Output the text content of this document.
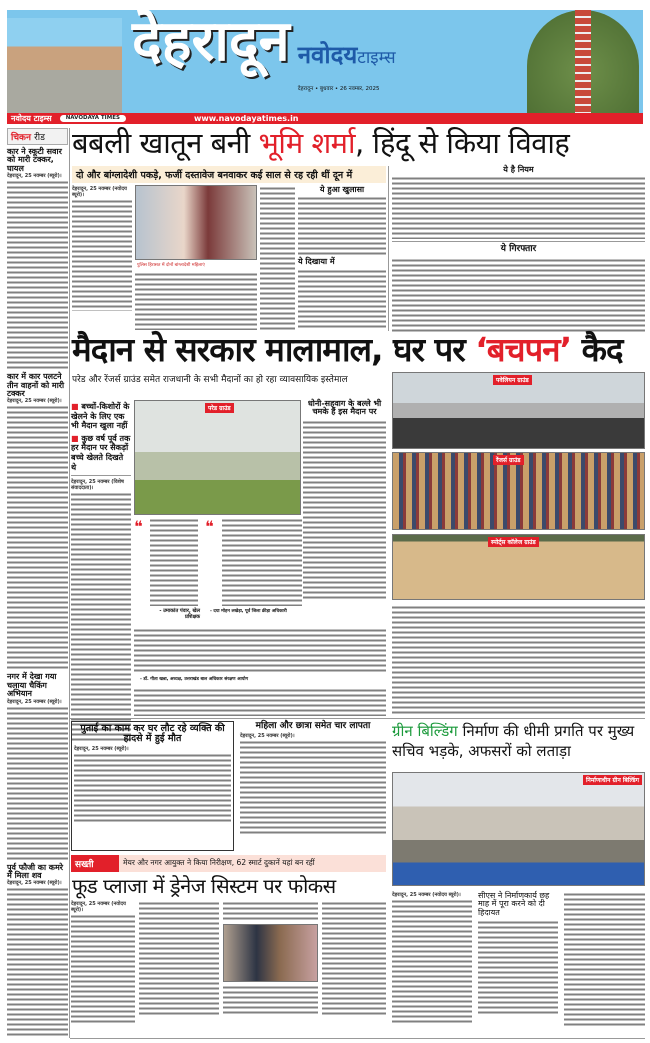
देहरादून नवोदयटाइम्स
देहरादून • बुधवार • 26 नवम्बर, 2025
नवोदय टाइम्स	NAVODAYA TIMES	www.navodayatimes.in
चिकन रीड
कार ने स्कूटी सवार को मारी टक्कर, घायल
देहरादून, 25 नवम्बर (ब्यूरो)।
कार में कार पलटने तीन वाहनों को मारी टक्कर
देहरादून, 25 नवम्बर (ब्यूरो)।
नगर में देखा गया चलाया चैकिंग अभियान
देहरादून, 25 नवम्बर (ब्यूरो)।
पूर्व फौजी का कमरे में मिला शव
देहरादून, 25 नवम्बर (ब्यूरो)।
बबली खातून बनी भूमि शर्मा, हिंदू से किया विवाह
दो और बांग्लादेशी पकड़े, फर्जी दस्तावेज बनवाकर कई साल से रह रही थीं दून में
देहरादून, 25 नवम्बर (नवोदय ब्यूरो)।
पुलिस हिरासत में दोनों बांग्लादेशी महिलाएं
ये हुआ खुलासा
ये दिखाया में
ये है नियम
ये गिरफ्तार
मैदान से सरकार मालामाल, घर पर ‘बचपन’ कैद
परेड और रेंजर्स ग्राउंड समेत राजधानी के सभी मैदानों का हो रहा व्यावसायिक इस्तेमाल
■ बच्चों-किशोरों के खेलने के लिए एक भी मैदान खुला नहीं
■ कुछ वर्ष पूर्व तक हर मैदान पर सैकड़ों बच्चे खेलते दिखते थे
देहरादून, 25 नवम्बर (विशेष संवाददाता)।
परेड ग्राउंड
❝
- उमाकांत पंवार, खेल प्रशिक्षक
❝
- दया मोहन लखेड़ा, पूर्व जिला क्रीड़ा अधिकारी
धोनी-सहवाग के बल्ले भी चमके हैं इस मैदान पर
- डॉ. गीता खन्ना, अध्यक्ष, उत्तराखंड बाल अधिकार संरक्षण आयोग
पवेलियन ग्राउंड
रेंजर्स ग्राउंड
स्पोर्ट्स कॉलेज ग्राउंड
पुताई का काम कर घर लौट रहे व्यक्ति की हादसे में हुई मौत
देहरादून, 25 नवम्बर (ब्यूरो)।
महिला और छात्रा समेत चार लापता
देहरादून, 25 नवम्बर (ब्यूरो)।	ग्रीन बिल्डिंग निर्माण की धीमी प्रगति पर मुख्य सचिव भड़के, अफसरों को लताड़ा
निर्माणाधीन ग्रीन बिल्डिंग
सख्ती	मेयर और नगर आयुक्त ने किया निरीक्षण, 62 स्मार्ट दुकानें यहां बन रहीं
फूड प्लाजा में ड्रेनेज सिस्टम पर फोकस
देहरादून, 25 नवम्बर (नवोदय ब्यूरो)।
देहरादून, 25 नवम्बर (नवोदय ब्यूरो)।	सीएस ने निर्माणकार्य छह माह में पूरा करने को दी हिदायत
